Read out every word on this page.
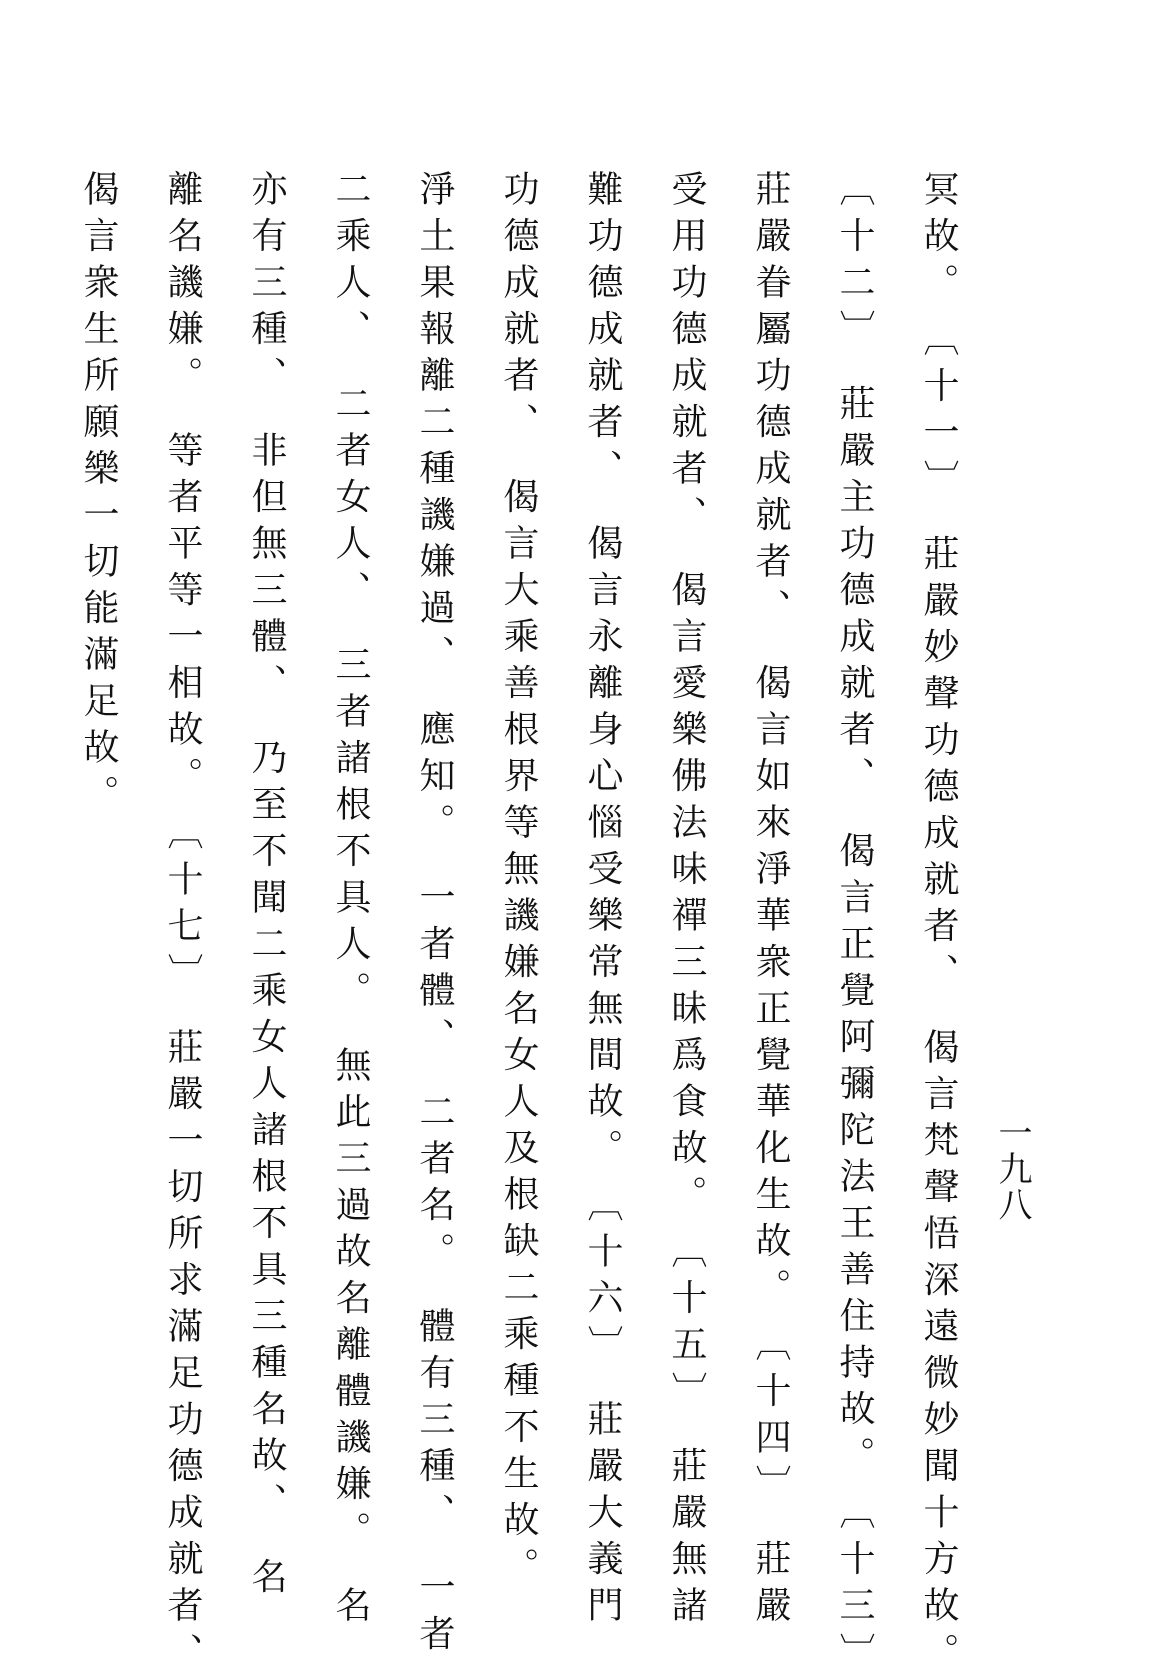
一九八
冥故。　〔十一〕　莊嚴妙聲功德成就者、　偈言梵聲悟深遠微妙聞十方故。
〔十二〕　莊嚴主功德成就者、　偈言正覺阿彌陀法王善住持故。　〔十三〕
莊嚴眷屬功德成就者、　偈言如來淨華衆正覺華化生故。　〔十四〕　莊嚴
受用功德成就者、　偈言愛樂佛法味禪三昧爲食故。　〔十五〕　莊嚴無諸
難功德成就者、　偈言永離身心惱受樂常無間故。　〔十六〕　莊嚴大義門
功德成就者、　偈言大乘善根界等無譏嫌名女人及根缺二乘種不生故。
淨土果報離二種譏嫌過、　應知。　一者體、　二者名。　體有三種、　一者
二乘人、　二者女人、　三者諸根不具人。　無此三過故名離體譏嫌。　名
亦有三種、　非但無三體、　乃至不聞二乘女人諸根不具三種名故、　名
離名譏嫌。　等者平等一相故。　〔十七〕　莊嚴一切所求滿足功德成就者、
偈言衆生所願樂一切能滿足故。
